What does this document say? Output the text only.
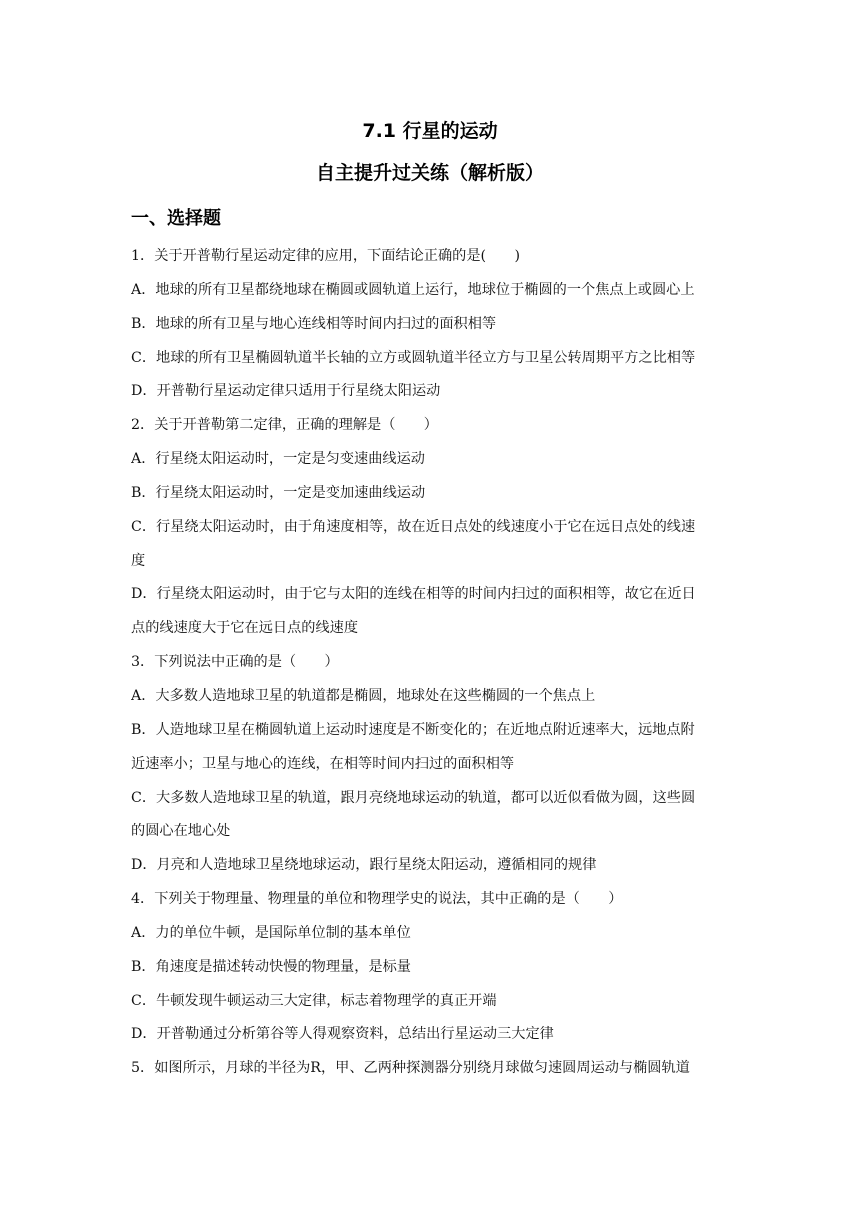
7.1 行星的运动
自主提升过关练（解析版）
一、选择题
1．关于开普勒行星运动定律的应用，下面结论正确的是(　　)
A．地球的所有卫星都绕地球在椭圆或圆轨道上运行，地球位于椭圆的一个焦点上或圆心上
B．地球的所有卫星与地心连线相等时间内扫过的面积相等
C．地球的所有卫星椭圆轨道半长轴的立方或圆轨道半径立方与卫星公转周期平方之比相等
D．开普勒行星运动定律只适用于行星绕太阳运动
2．关于开普勒第二定律，正确的理解是（　　）
A．行星绕太阳运动时，一定是匀变速曲线运动
B．行星绕太阳运动时，一定是变加速曲线运动
C．行星绕太阳运动时，由于角速度相等，故在近日点处的线速度小于它在远日点处的线速
度
D．行星绕太阳运动时，由于它与太阳的连线在相等的时间内扫过的面积相等，故它在近日
点的线速度大于它在远日点的线速度
3．下列说法中正确的是（　　）
A．大多数人造地球卫星的轨道都是椭圆，地球处在这些椭圆的一个焦点上
B．人造地球卫星在椭圆轨道上运动时速度是不断变化的；在近地点附近速率大，远地点附
近速率小；卫星与地心的连线，在相等时间内扫过的面积相等
C．大多数人造地球卫星的轨道，跟月亮绕地球运动的轨道，都可以近似看做为圆，这些圆
的圆心在地心处
D．月亮和人造地球卫星绕地球运动，跟行星绕太阳运动，遵循相同的规律
4．下列关于物理量、物理量的单位和物理学史的说法，其中正确的是（　　）
A．力的单位牛顿，是国际单位制的基本单位
B．角速度是描述转动快慢的物理量，是标量
C．牛顿发现牛顿运动三大定律，标志着物理学的真正开端
D．开普勒通过分析第谷等人得观察资料，总结出行星运动三大定律
5．如图所示，月球的半径为R，甲、乙两种探测器分别绕月球做匀速圆周运动与椭圆轨道
